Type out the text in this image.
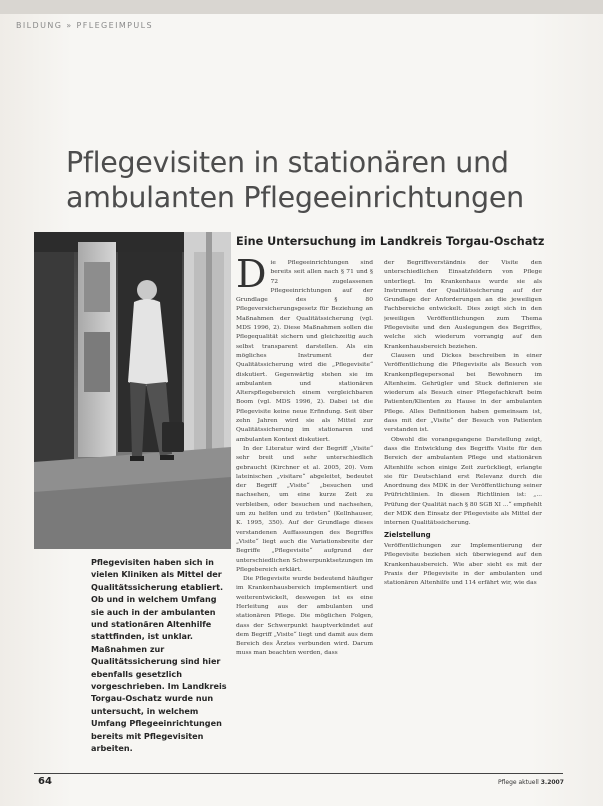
BILDUNG » PFLEGEIMPULS
Pflegevisiten in stationären und ambulanten Pflegeeinrichtungen
Eine Untersuchung im Landkreis Torgau-Oschatz

Pflegevisiten haben sich in vielen Kliniken als Mittel der Qualitätssicherung etabliert. Ob und in welchem Umfang sie auch in der ambulanten und stationären Altenhilfe stattfinden, ist unklar. Maßnahmen zur Qualitätssicherung sind hier ebenfalls gesetzlich vorgeschrieben. Im Landkreis Torgau-Oschatz wurde nun untersucht, in welchem Umfang Pflegeeinrichtungen bereits mit Pflegevisiten arbeiten.

Die Pflegeeinrichtungen sind bereits seit allen nach § 71 und § 72 zugelassenen Pflegeeinrichtungen auf der Grundlage des § 80 Pflegeversicherungsgesetz für Beziehung an Maßnahmen der Qualitätssicherung (vgl. MDS 1996, 2). Diese Maßnahmen sollen die Pflegequalität sichern und gleichzeitig auch selbst transparent darstellen. Als ein mögliches Instrument der Qualitätssicherung wird die „Pflegevisite“ diskutiert. Gegenwärtig stehen sie im ambulanten und stationären Alterspflegebereich einem vergleichbaren Boom (vgl. MDS 1996, 2). Dabei ist die Pflegevisite keine neue Erfindung. Seit über zehn Jahren wird sie als Mittel zur Qualitätssicherung im stationaren und ambulanten Kontext diskutiert.

In der Literatur wird der Begriff „Visite“ sehr breit und sehr unterschiedlich gebraucht (Kirchner et al. 2005, 20). Vom lateinischen „visitare“ abgeleitet, bedeutet der Begriff „Visite“ „besuchen und nachsehen, um eine kurze Zeit zu verbleiben, oder besuchen und nachsehen, um zu helfen und zu trösten“ (Kellnhauser, K. 1995, 350). Auf der Grundlage dieses verstandenen Auffassungen des Begriffes „Visite“ liegt auch die Variationsbreite der Begriffe „Pflegevisite“ aufgrund der unterschiedlichen Schwerpunktsetzungen im Pflegebereich erklärt.

Die Pflegevisite wurde bedeutend häufiger im Krankenhausbereich implementiert und weiterentwickelt, deswegen ist es eine Herleitung aus der ambulanten und stationären Pflege. Die möglichen Folgen, dass der Schwerpunkt hauptverkündet auf dem Begriff „Visite“ liegt und damit aus dem Bereich des Ärztes verbunden wird. Darum muss man beachten werden, dass

der Begriffsverständnis der Visite den unterschiedlichen Einsatzfeldern von Pflege unterliegt. Im Krankenhaus wurde sie als Instrument der Qualitätssicherung auf der Grundlage der Anforderungen an die jeweiligen Fachbereiche entwickelt. Dies zeigt sich in den jeweiligen Veröffentlichungen zum Thema Pflegevisite und den Auslegungen des Begriffes, welche sich wiederum vorrangig auf den Krankenhausbereich beziehen.

Clausen und Dickes beschreiben in einer Veröffentlichung die Pflegevisite als Besuch von Krankenpflegepersonal bei Bewohnern im Altenheim. Gehrügler und Stuck definieren sie wiederum als Besuch einer Pflegefachkraft beim Patienten/Klienten zu Hause in der ambulanten Pflege. Alles Definitionen haben gemeinsam ist, dass mit der „Visite“ der Besuch von Patienten verstanden ist.

Obwohl die vorangegangene Darstellung zeigt, dass die Entwicklung des Begriffs Visite für den Bereich der ambulanten Pflege und stationären Altenhilfe schon einige Zeit zurückliegt, erlangte sie für Deutschland erst Relevanz durch die Anordnung des MDK in der Veröffentlichung seiner Prüfrichtlinien. In diesen Richtlinien ist: „... Prüfung der Qualität nach § 80 SGB XI ...“ empfiehlt der MDK den Einsatz der Pflegevisite als Mittel der internen Qualitätssicherung.

Zielstellung

Veröffentlichungen zur Implementierung der Pflegevisite beziehen sich überwiegend auf den Krankenhausbereich. Wie aber sieht es mit der Praxis der Pflegevisite in der ambulanten und stationären Altenhilfe und 114 erfährt wir, wie das

64	Pflege aktuell 3.2007
